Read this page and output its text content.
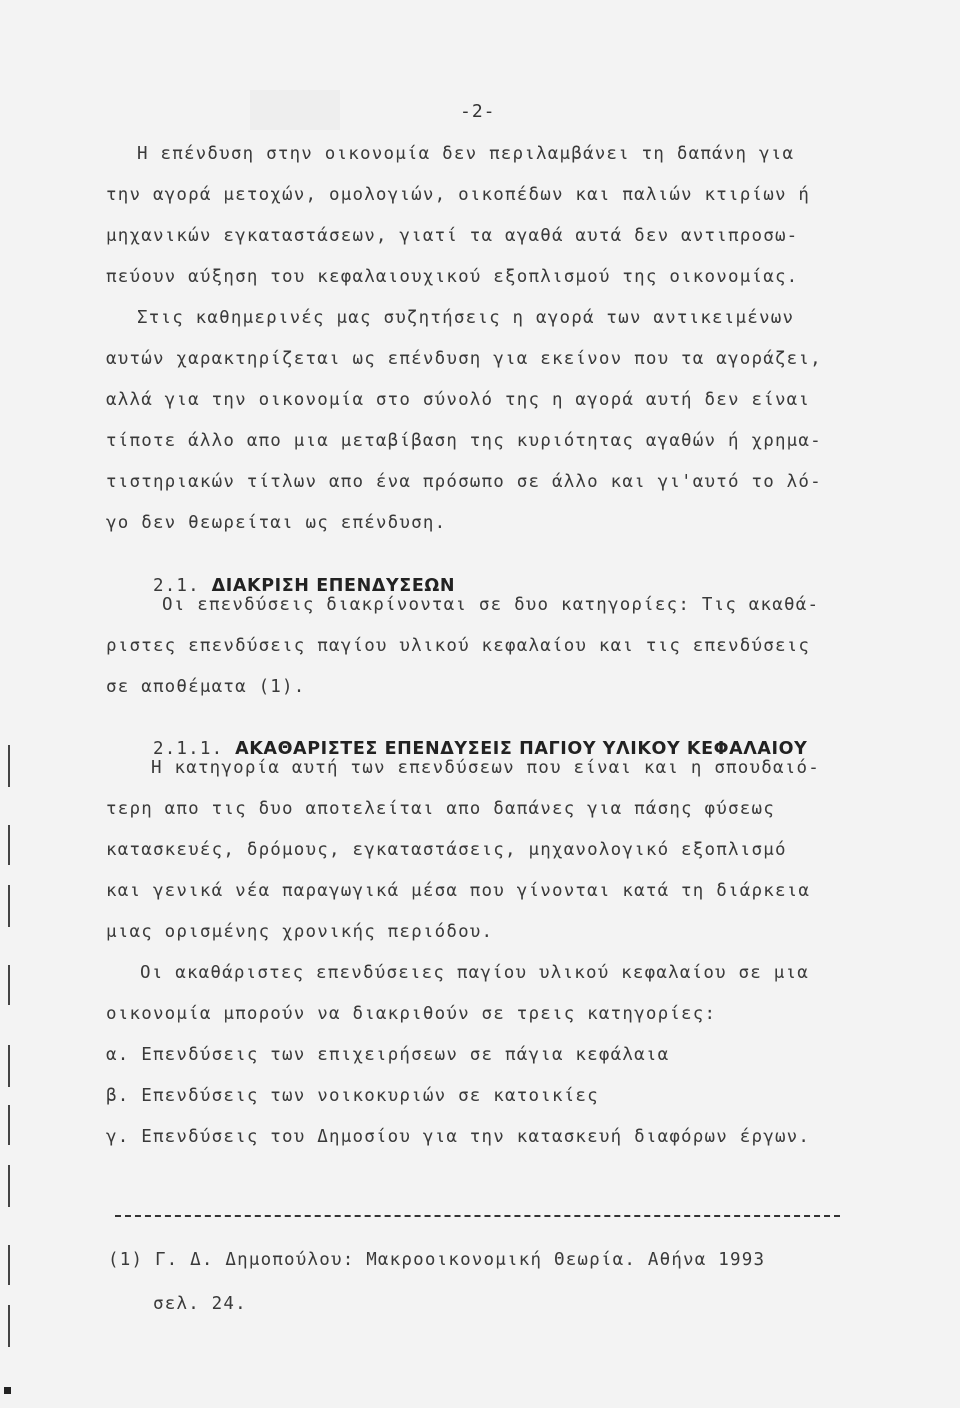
-2-
Η επένδυση στην οικονομία δεν περιλαμβάνει τη δαπάνη για
την αγορά μετοχών, ομολογιών, οικοπέδων και παλιών κτιρίων ή
μηχανικών εγκαταστάσεων, γιατί τα αγαθά αυτά δεν αντιπροσω-
πεύουν αύξηση του κεφαλαιουχικού εξοπλισμού της οικονομίας.
Στις καθημερινές μας συζητήσεις η αγορά των αντικειμένων
αυτών χαρακτηρίζεται ως επένδυση για εκείνον που τα αγοράζει,
αλλά για την οικονομία στο σύνολό της η αγορά αυτή δεν είναι
τίποτε άλλο απο μια μεταβίβαση της κυριότητας αγαθών ή χρημα-
τιστηριακών τίτλων απο ένα πρόσωπο σε άλλο και γι'αυτό το λό-
γο δεν θεωρείται ως επένδυση.

2.1. ΔΙΑΚΡΙΣΗ ΕΠΕΝΔΥΣΕΩΝ

Οι επενδύσεις διακρίνονται σε δυο κατηγορίες: Τις ακαθά-
ριστες επενδύσεις παγίου υλικού κεφαλαίου και τις επενδύσεις
σε αποθέματα (1).

2.1.1. ΑΚΑΘΑΡΙΣΤΕΣ ΕΠΕΝΔΥΣΕΙΣ ΠΑΓΙΟΥ ΥΛΙΚΟΥ ΚΕΦΑΛΑΙΟΥ

Η κατηγορία αυτή των επενδύσεων που είναι και η σπουδαιό-
τερη απο τις δυο αποτελείται απο δαπάνες για πάσης φύσεως
κατασκευές, δρόμους, εγκαταστάσεις, μηχανολογικό εξοπλισμό
και γενικά νέα παραγωγικά μέσα που γίνονται κατά τη διάρκεια
μιας ορισμένης χρονικής περιόδου.
Οι ακαθάριστες επενδύσειες παγίου υλικού κεφαλαίου σε μια
οικονομία μπορούν να διακριθούν σε τρεις κατηγορίες:
α. Επενδύσεις των επιχειρήσεων σε πάγια κεφάλαια
β. Επενδύσεις των νοικοκυριών σε κατοικίες
γ. Επενδύσεις του Δημοσίου για την κατασκευή διαφόρων έργων.
(1) Γ. Δ. Δημοπούλου: Μακροοικονομική Θεωρία. Αθήνα 1993
σελ. 24.
